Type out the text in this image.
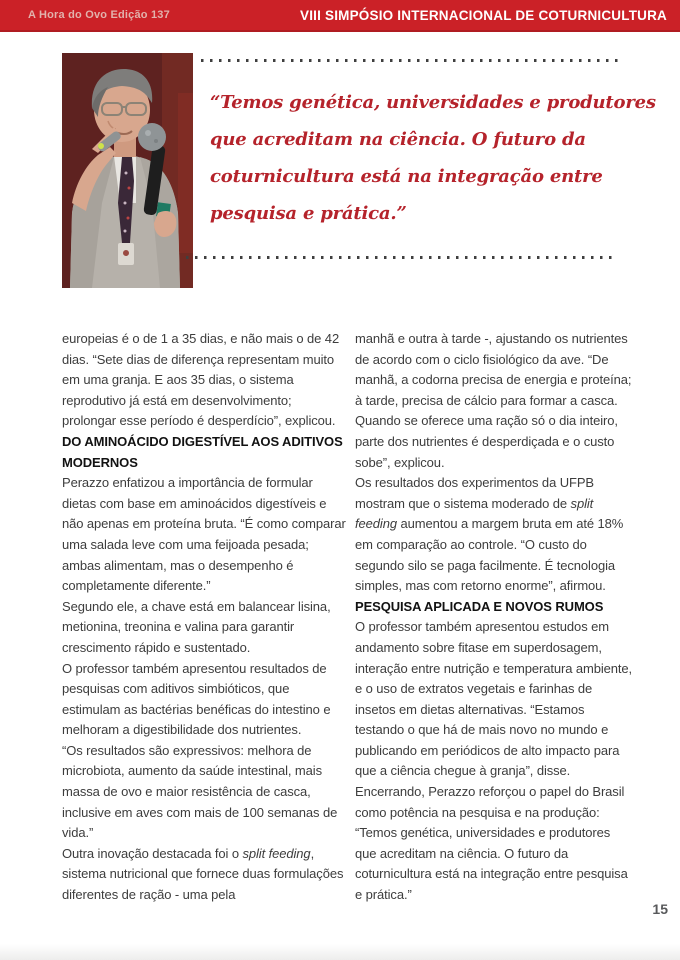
A Hora do Ovo Edição 137	VIII SIMPÓSIO INTERNACIONAL DE COTURNICULTURA
“Temos genética, universidades e produtores
que acreditam na ciência. O futuro da
coturnicultura está na integração entre
pesquisa e prática.”

europeias é o de 1 a 35 dias, e não mais o de 42 dias. “Sete dias de diferença representam muito em uma granja. E aos 35 dias, o sistema reprodutivo já está em desenvolvimento; prolongar esse período é desperdício”, explicou.

DO AMINOÁCIDO DIGESTÍVEL AOS ADITIVOS MODERNOS

Perazzo enfatizou a importância de formular dietas com base em aminoácidos digestíveis e não apenas em proteína bruta. “É como comparar uma salada leve com uma feijoada pesada; ambas alimentam, mas o desempenho é completamente diferente.”

Segundo ele, a chave está em balancear lisina, metionina, treonina e valina para garantir crescimento rápido e sustentado.

O professor também apresentou resultados de pesquisas com aditivos simbióticos, que estimulam as bactérias benéficas do intestino e melhoram a digestibilidade dos nutrientes.

“Os resultados são expressivos: melhora de microbiota, aumento da saúde intestinal, mais massa de ovo e maior resistência de casca, inclusive em aves com mais de 100 semanas de vida.”

Outra inovação destacada foi o split feeding, sistema nutricional que fornece duas formulações diferentes de ração - uma pela

manhã e outra à tarde -, ajustando os nutrientes de acordo com o ciclo fisiológico da ave. “De manhã, a codorna precisa de energia e proteína; à tarde, precisa de cálcio para formar a casca. Quando se oferece uma ração só o dia inteiro, parte dos nutrientes é desperdiçada e o custo sobe”, explicou.

Os resultados dos experimentos da UFPB mostram que o sistema moderado de split feeding aumentou a margem bruta em até 18% em comparação ao controle. “O custo do segundo silo se paga facilmente. É tecnologia simples, mas com retorno enorme”, afirmou.

PESQUISA APLICADA E NOVOS RUMOS

O professor também apresentou estudos em andamento sobre fitase em superdosagem, interação entre nutrição e temperatura ambiente, e o uso de extratos vegetais e farinhas de insetos em dietas alternativas. “Estamos testando o que há de mais novo no mundo e publicando em periódicos de alto impacto para que a ciência chegue à granja”, disse.

Encerrando, Perazzo reforçou o papel do Brasil como potência na pesquisa e na produção: “Temos genética, universidades e produtores que acreditam na ciência. O futuro da coturnicultura está na integração entre pesquisa e prática.”

15
